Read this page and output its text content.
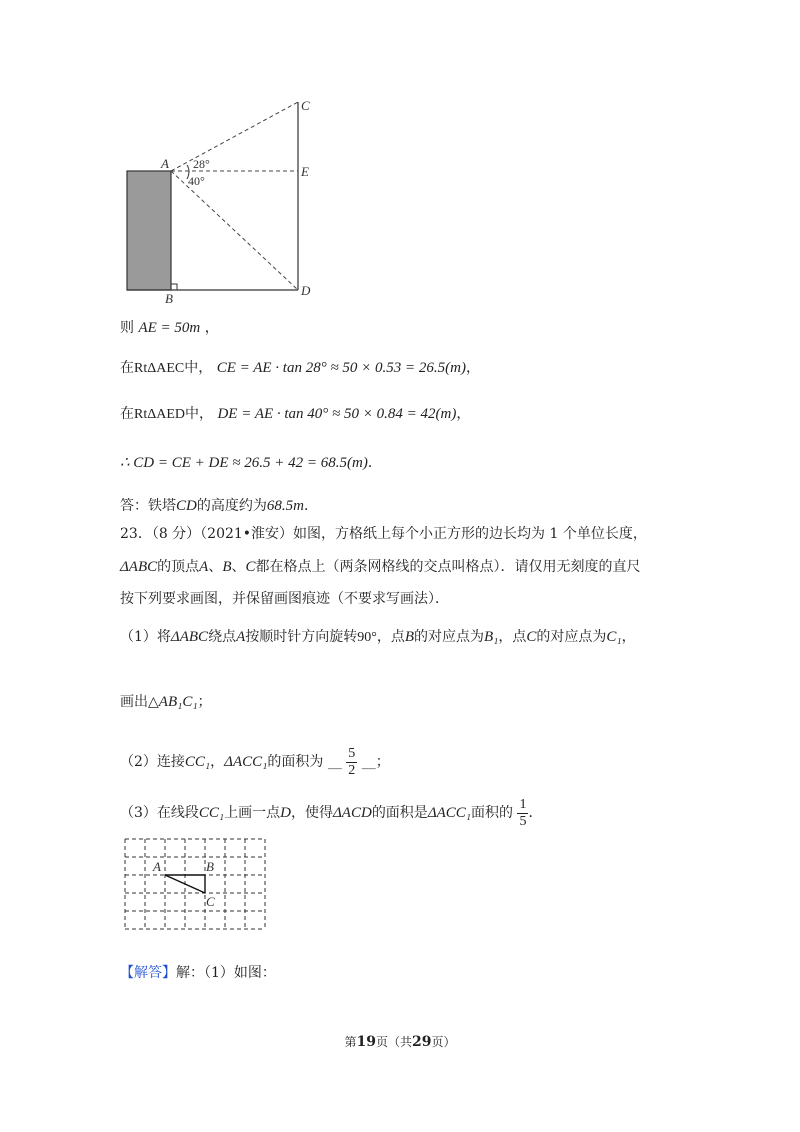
A 28°
40°
C
E
D
B
则 AE = 50m ，
在RtΔAEC中， CE = AE · tan 28° ≈ 50 × 0.53 = 26.5(m)，
在RtΔAED中， DE = AE · tan 40° ≈ 50 × 0.84 = 42(m)，
∴ CD = CE + DE ≈ 26.5 + 42 = 68.5(m)．
答：铁塔CD的高度约为68.5m．
23．（8 分）（2021•淮安）如图，方格纸上每个小正方形的边长均为 1 个单位长度，
ΔABC的顶点A、B、C都在格点上（两条网格线的交点叫格点）．请仅用无刻度的直尺
按下列要求画图，并保留画图痕迹（不要求写画法）．
（1）将ΔABC绕点A按顺时针方向旋转90°，点B的对应点为B₁，点C的对应点为C₁，
画出△AB₁C₁；
（2）连接CC₁，ΔACC₁的面积为 __ $\frac{5}{2}$ __；
（3）在线段CC₁上画一点D，使得ΔACD的面积是ΔACC₁面积的 $\frac{1}{5}$ ．
A	B
C
【解答】解：（1）如图：
第19页（共29页）
